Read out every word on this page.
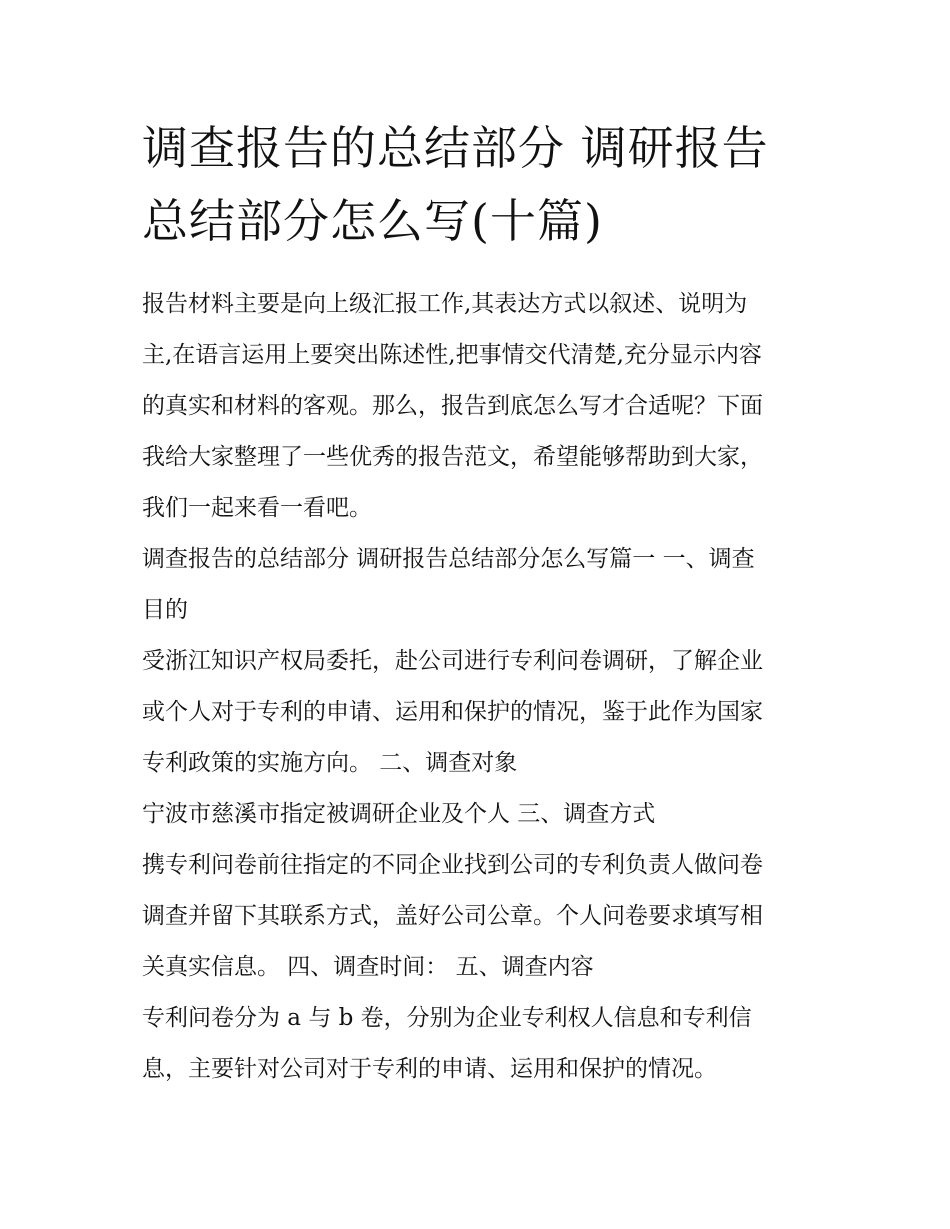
调查报告的总结部分 调研报告
总结部分怎么写(十篇)
报告材料主要是向上级汇报工作,其表达方式以叙述、说明为
主,在语言运用上要突出陈述性,把事情交代清楚,充分显示内容
的真实和材料的客观。那么，报告到底怎么写才合适呢？下面
我给大家整理了一些优秀的报告范文，希望能够帮助到大家，
我们一起来看一看吧。
调查报告的总结部分 调研报告总结部分怎么写篇一 一、调查
目的
受浙江知识产权局委托，赴公司进行专利问卷调研，了解企业
或个人对于专利的申请、运用和保护的情况，鉴于此作为国家
专利政策的实施方向。 二、调查对象
宁波市慈溪市指定被调研企业及个人 三、调查方式
携专利问卷前往指定的不同企业找到公司的专利负责人做问卷
调查并留下其联系方式，盖好公司公章。个人问卷要求填写相
关真实信息。 四、调查时间： 五、调查内容
专利问卷分为 a 与 b 卷，分别为企业专利权人信息和专利信
息，主要针对公司对于专利的申请、运用和保护的情况。
